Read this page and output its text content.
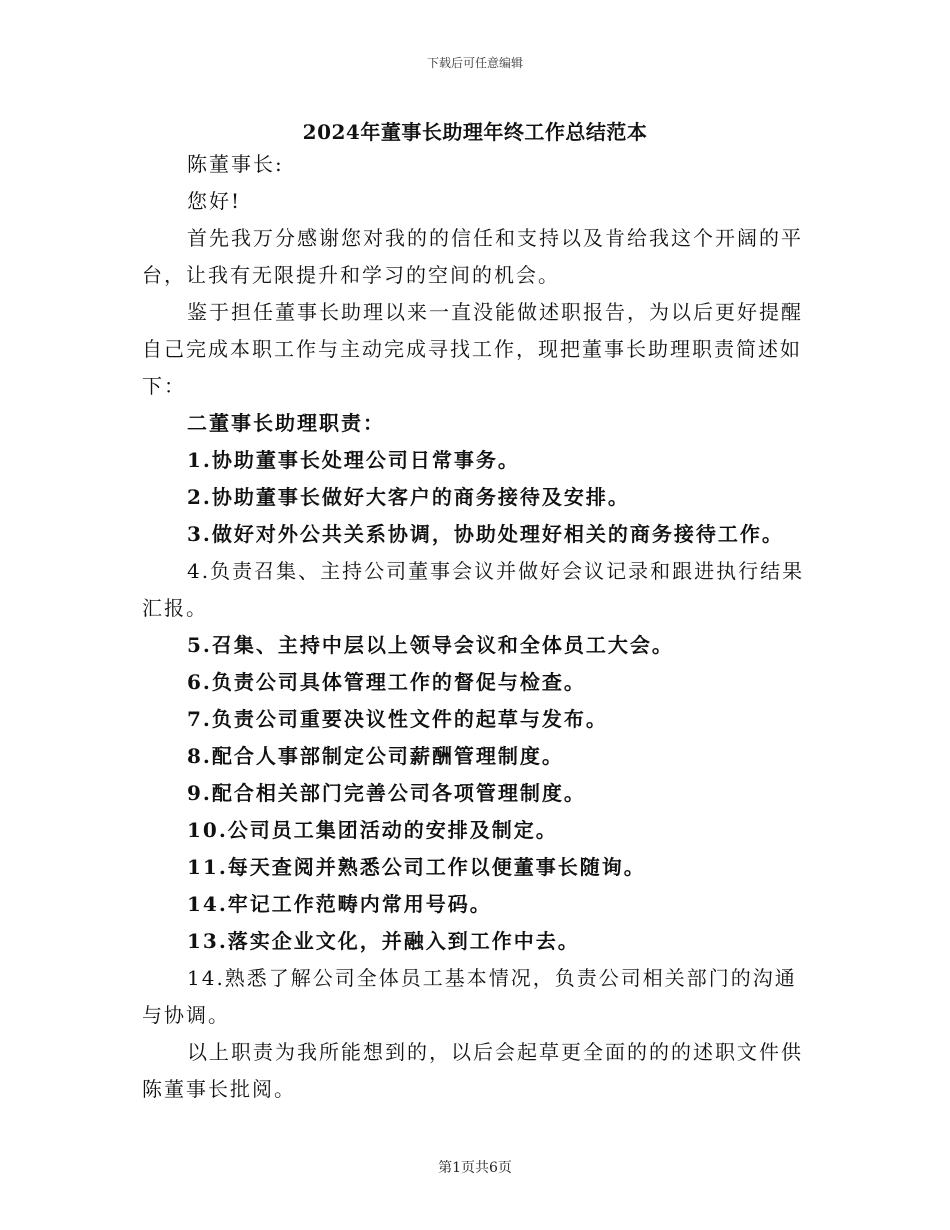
下载后可任意编辑
2024年董事长助理年终工作总结范本

陈董事长:

您好!

首先我万分感谢您对我的的信任和支持以及肯给我这个开阔的平台，让我有无限提升和学习的空间的机会。

鉴于担任董事长助理以来一直没能做述职报告，为以后更好提醒自己完成本职工作与主动完成寻找工作，现把董事长助理职责简述如下：

二董事长助理职责：

1.协助董事长处理公司日常事务。

2.协助董事长做好大客户的商务接待及安排。

3.做好对外公共关系协调，协助处理好相关的商务接待工作。

4.负责召集、主持公司董事会议并做好会议记录和跟进执行结果汇报。

5.召集、主持中层以上领导会议和全体员工大会。

6.负责公司具体管理工作的督促与检查。

7.负责公司重要决议性文件的起草与发布。

8.配合人事部制定公司薪酬管理制度。

9.配合相关部门完善公司各项管理制度。

10.公司员工集团活动的安排及制定。

11.每天查阅并熟悉公司工作以便董事长随询。

14.牢记工作范畴内常用号码。

13.落实企业文化，并融入到工作中去。

14.熟悉了解公司全体员工基本情况，负责公司相关部门的沟通与协调。

以上职责为我所能想到的，以后会起草更全面的的的述职文件供陈董事长批阅。

第1页共6页
